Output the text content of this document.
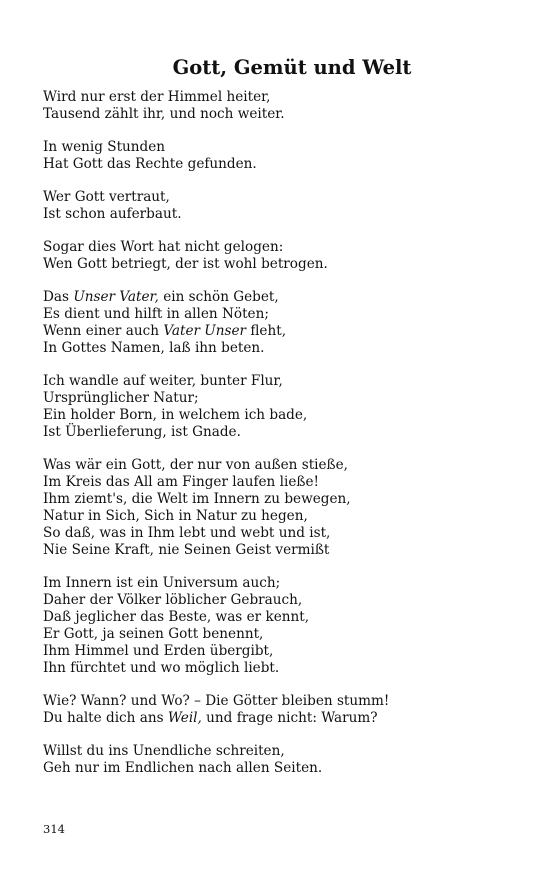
Gott, Gemüt und Welt
Wird nur erst der Himmel heiter,
Tausend zählt ihr, und noch weiter.
In wenig Stunden
Hat Gott das Rechte gefunden.
Wer Gott vertraut,
Ist schon auferbaut.
Sogar dies Wort hat nicht gelogen:
Wen Gott betriegt, der ist wohl betrogen.
Das Unser Vater, ein schön Gebet,
Es dient und hilft in allen Nöten;
Wenn einer auch Vater Unser fleht,
In Gottes Namen, laß ihn beten.
Ich wandle auf weiter, bunter Flur,
Ursprünglicher Natur;
Ein holder Born, in welchem ich bade,
Ist Überlieferung, ist Gnade.
Was wär ein Gott, der nur von außen stieße,
Im Kreis das All am Finger laufen ließe!
Ihm ziemt's, die Welt im Innern zu bewegen,
Natur in Sich, Sich in Natur zu hegen,
So daß, was in Ihm lebt und webt und ist,
Nie Seine Kraft, nie Seinen Geist vermißt
Im Innern ist ein Universum auch;
Daher der Völker löblicher Gebrauch,
Daß jeglicher das Beste, was er kennt,
Er Gott, ja seinen Gott benennt,
Ihm Himmel und Erden übergibt,
Ihn fürchtet und wo möglich liebt.
Wie? Wann? und Wo? – Die Götter bleiben stumm!
Du halte dich ans Weil, und frage nicht: Warum?
Willst du ins Unendliche schreiten,
Geh nur im Endlichen nach allen Seiten.
314
